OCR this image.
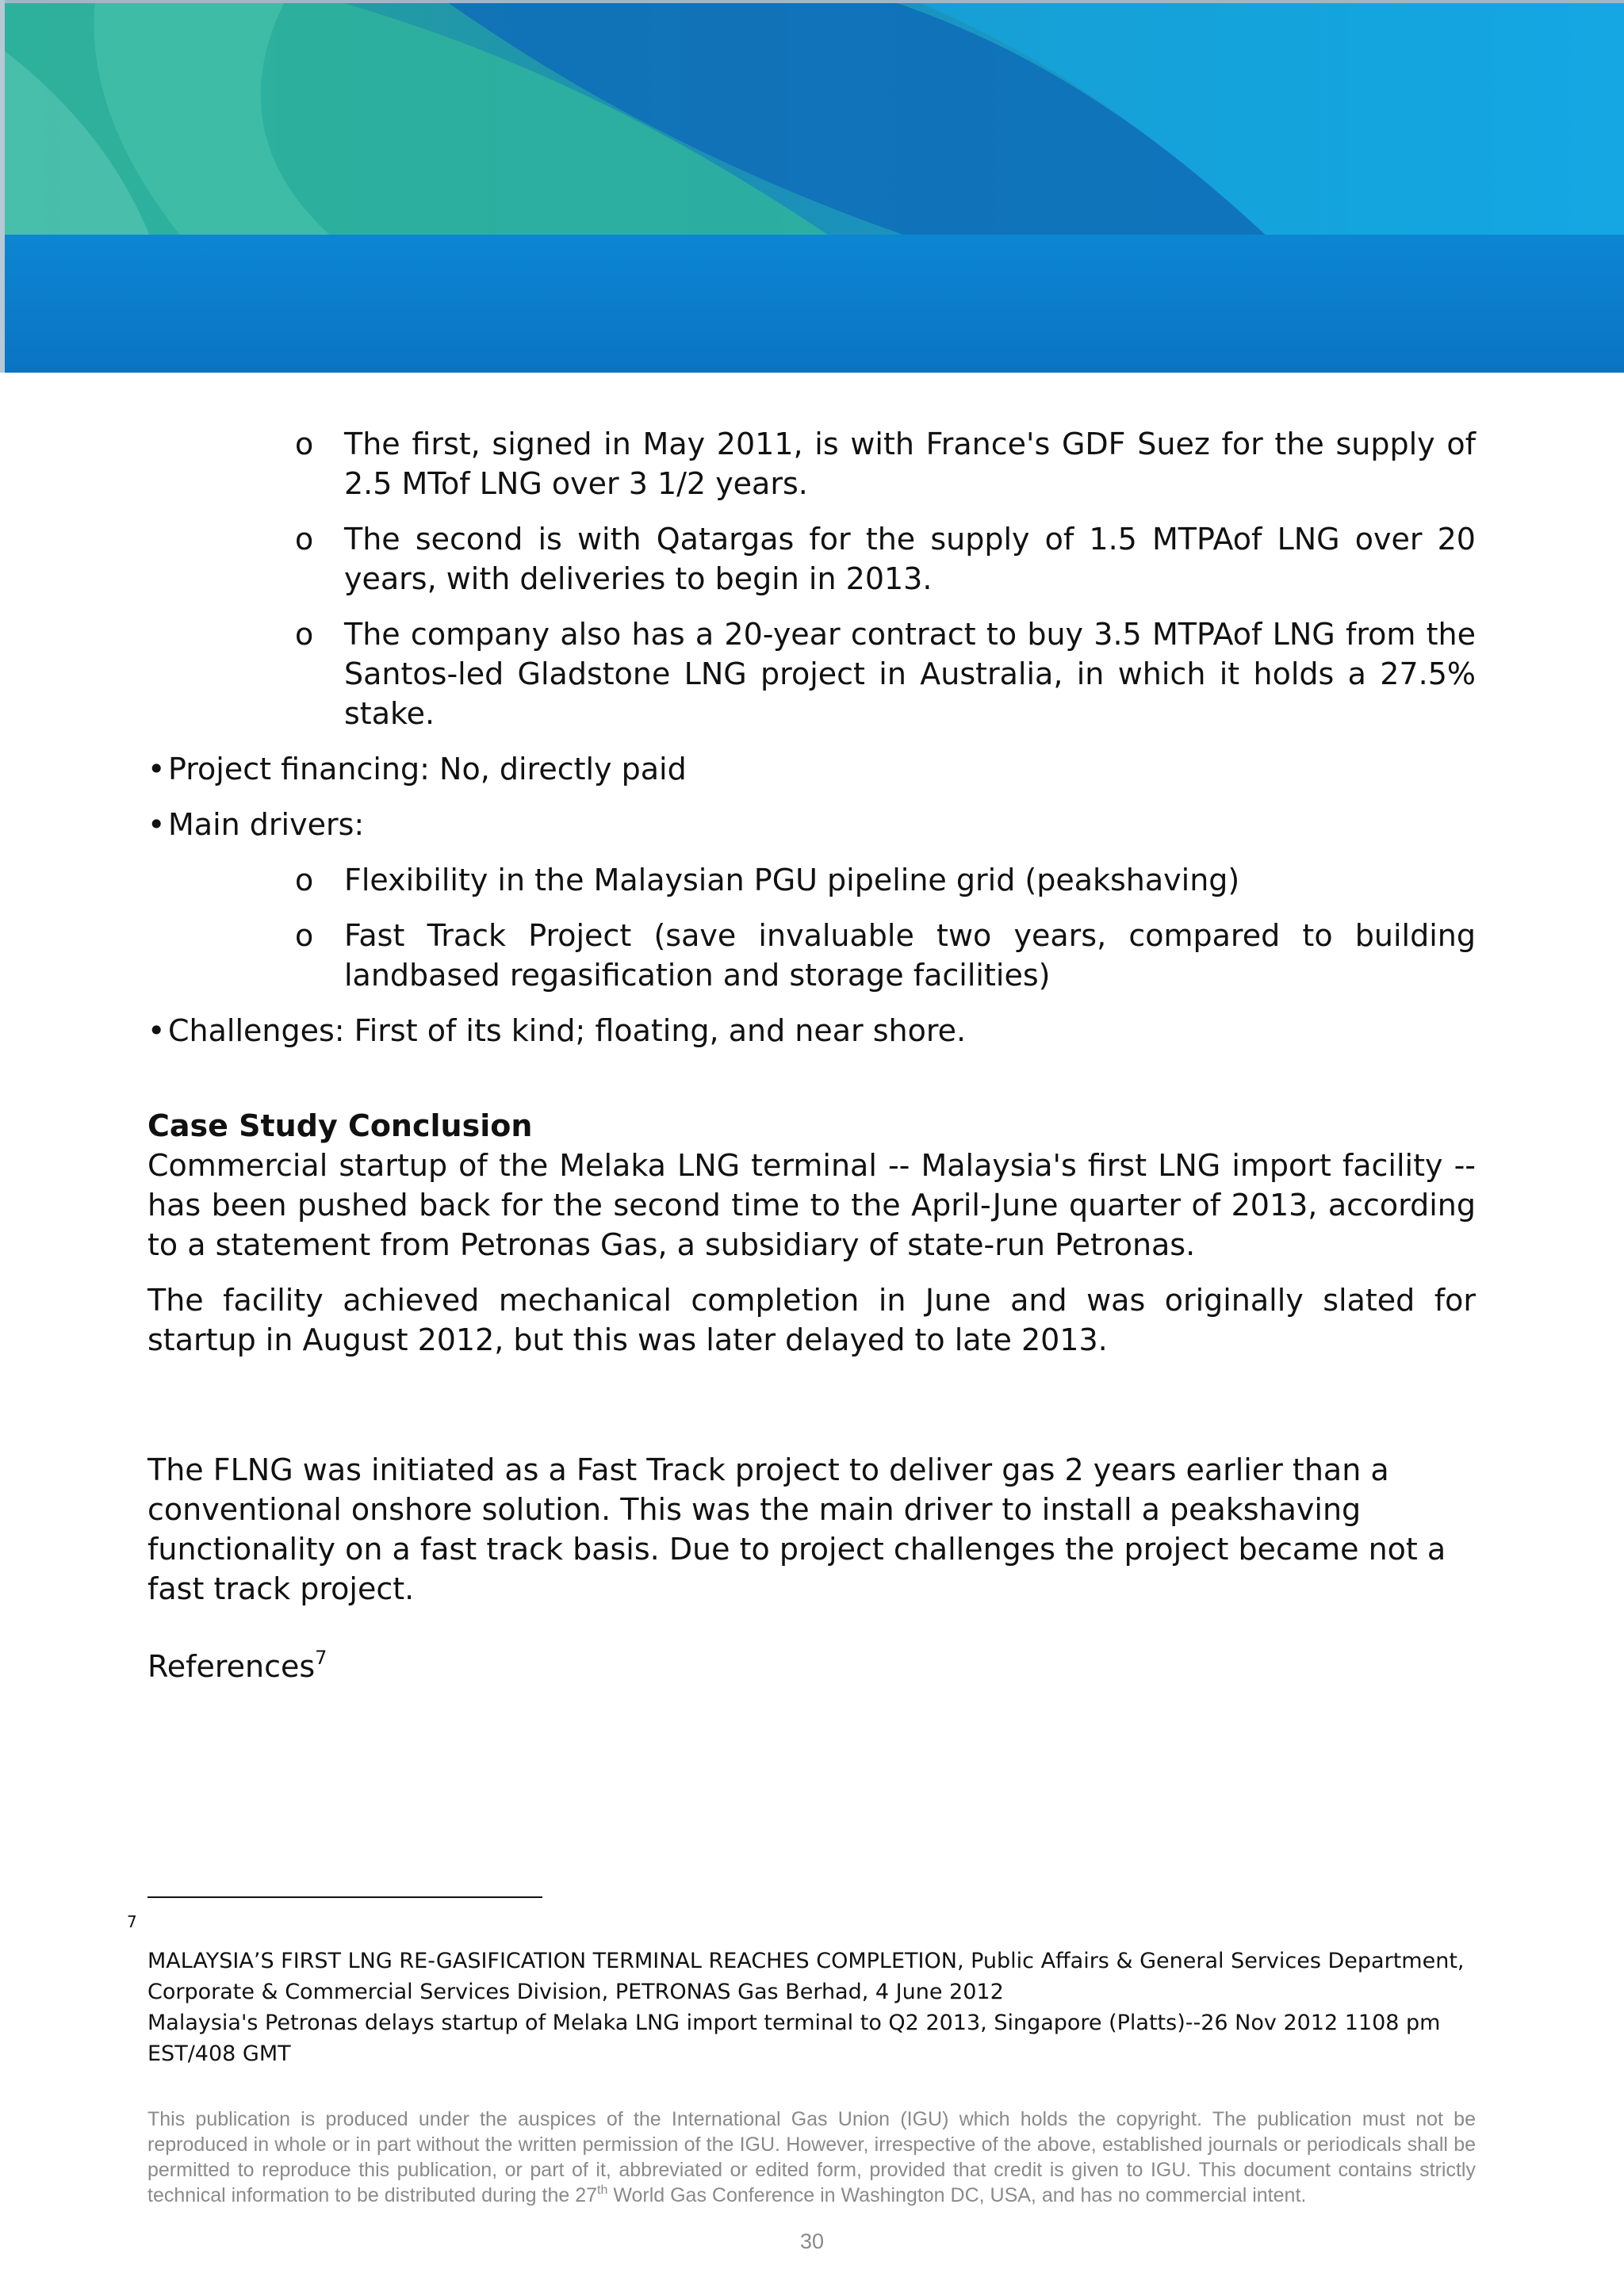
o The first, signed in May 2011, is with France's GDF Suez for the supply of 2.5 MTof LNG over 3 1/2 years.
o The second is with Qatargas for the supply of 1.5 MTPAof LNG over 20 years, with deliveries to begin in 2013.
o The company also has a 20-year contract to buy 3.5 MTPAof LNG from the Santos-led Gladstone LNG project in Australia, in which it holds a 27.5% stake.
• Project financing: No, directly paid
• Main drivers:
o Flexibility in the Malaysian PGU pipeline grid (peakshaving)
o Fast Track Project (save invaluable two years, compared to building landbased regasification and storage facilities)
• Challenges: First of its kind; floating, and near shore.

Case Study Conclusion

Commercial startup of the Melaka LNG terminal -- Malaysia's first LNG import facility -- has been pushed back for the second time to the April-June quarter of 2013, according to a statement from Petronas Gas, a subsidiary of state-run Petronas.

The facility achieved mechanical completion in June and was originally slated for startup in August 2012, but this was later delayed to late 2013.

The FLNG was initiated as a Fast Track project to deliver gas 2 years earlier than a conventional onshore solution. This was the main driver to install a peakshaving functionality on a fast track basis. Due to project challenges the project became not a fast track project.

References$^7$

7
MALAYSIA’S FIRST LNG RE-GASIFICATION TERMINAL REACHES COMPLETION, Public Affairs & General Services Department, Corporate & Commercial Services Division, PETRONAS Gas Berhad, 4 June 2012
Malaysia's Petronas delays startup of Melaka LNG import terminal to Q2 2013, Singapore (Platts)--26 Nov 2012 1108 pm EST/408 GMT
This publication is produced under the auspices of the International Gas Union (IGU) which holds the copyright. The publication must not be reproduced in whole or in part without the written permission of the IGU. However, irrespective of the above, established journals or periodicals shall be permitted to reproduce this publication, or part of it, abbreviated or edited form, provided that credit is given to IGU. This document contains strictly technical information to be distributed during the 27th World Gas Conference in Washington DC, USA, and has no commercial intent.
30
